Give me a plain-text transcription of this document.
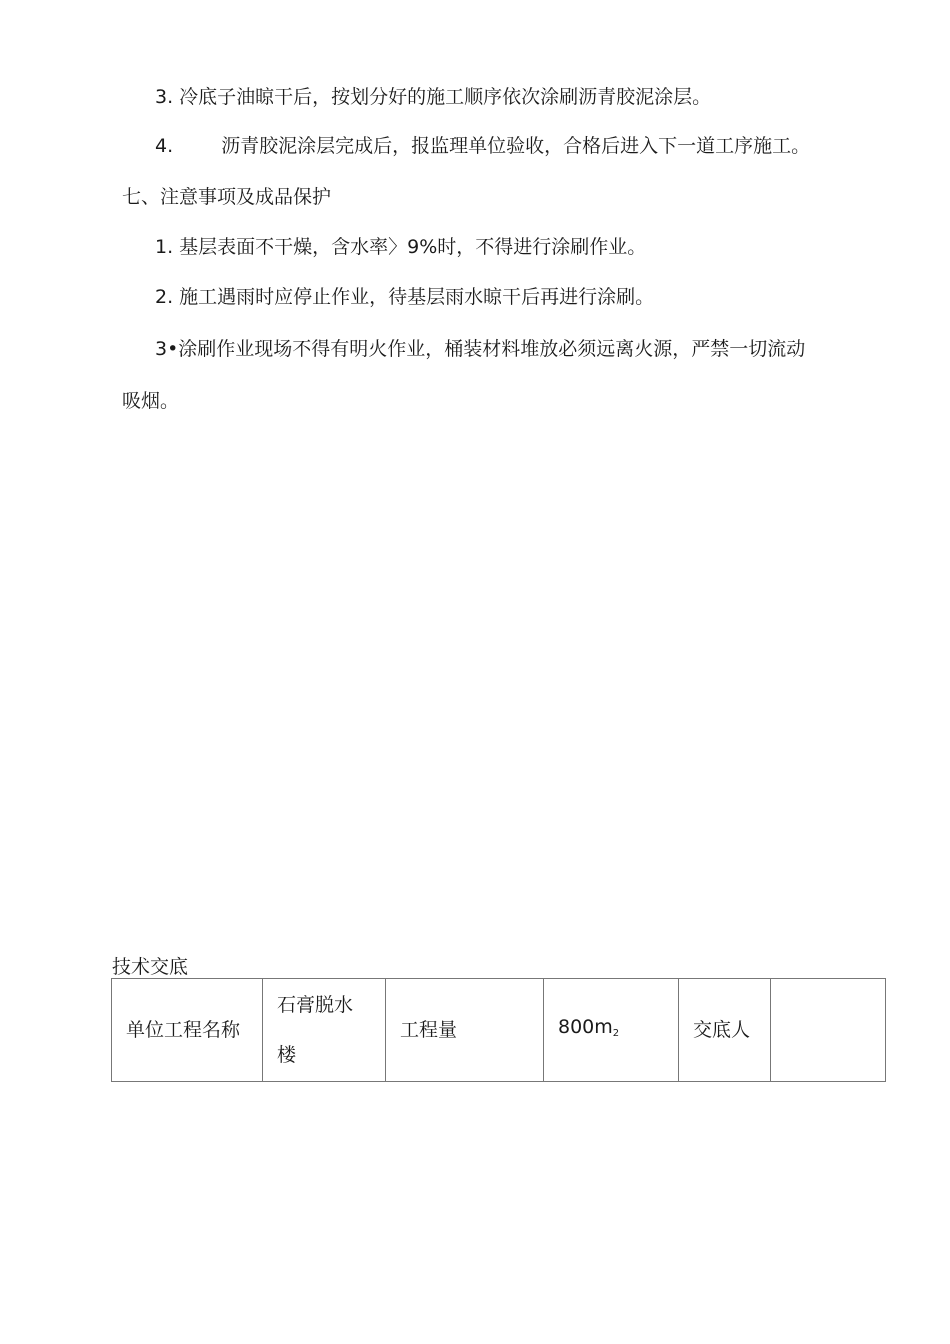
3. 冷底子油晾干后，按划分好的施工顺序依次涂刷沥青胶泥涂层。
4.	沥青胶泥涂层完成后，报监理单位验收，合格后进入下一道工序施工。
七、注意事项及成品保护
1. 基层表面不干燥，含水率〉9%时，不得进行涂刷作业。
2. 施工遇雨时应停止作业，待基层雨水晾干后再进行涂刷。
3•涂刷作业现场不得有明火作业，桶装材料堆放必须远离火源，严禁一切流动
吸烟。
技术交底
单位工程名称	石膏脱水楼	工程量	$800m_2$	交底人	
